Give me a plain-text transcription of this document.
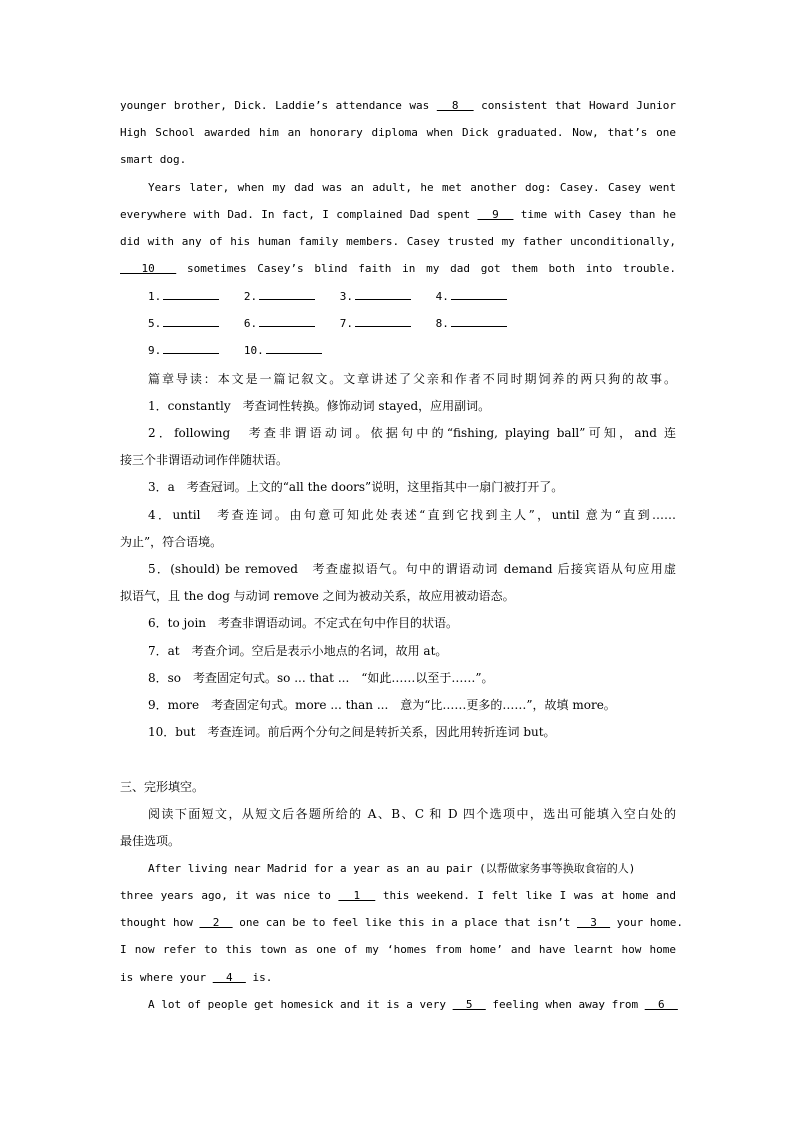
younger brother, Dick. Laddie’s attendance was   8   consistent that Howard Junior
High School awarded him an honorary diploma when Dick graduated. Now, that’s one
smart dog.
Years later, when my dad was an adult, he met another dog: Casey. Casey went
everywhere with Dad. In fact, I complained Dad spent   9   time with Casey than he
did with any of his human family members. Casey trusted my father unconditionally,
10   sometimes Casey’s blind faith in my dad got them both into trouble.
1.	2.	3.	4.
5.	6.	7.	8.
9.	10.
篇章导读：本文是一篇记叙文。文章讲述了父亲和作者不同时期饲养的两只狗的故事。
1．constantly　考查词性转换。修饰动词 stayed，应用副词。
2．following　考查非谓语动词。依据句中的“fishing, playing ball”可知，and 连
接三个非谓语动词作伴随状语。
3．a　考查冠词。上文的“all the doors”说明，这里指其中一扇门被打开了。
4．until　考查连词。由句意可知此处表述“直到它找到主人”，until 意为“直到……
为止”，符合语境。
5．(should) be removed　考查虚拟语气。句中的谓语动词 demand 后接宾语从句应用虚
拟语气，且 the dog 与动词 remove 之间为被动关系，故应用被动语态。
6．to join　考查非谓语动词。不定式在句中作目的状语。
7．at　考查介词。空后是表示小地点的名词，故用 at。
8．so　考查固定句式。so ... that ...　“如此……以至于……”。
9．more　考查固定句式。more ... than ...　意为“比……更多的……”，故填 more。
10．but　考查连词。前后两个分句之间是转折关系，因此用转折连词 but。
三、完形填空。
阅读下面短文，从短文后各题所给的 A、B、C 和 D 四个选项中，选出可能填入空白处的
最佳选项。
After living near Madrid for a year as an au pair (以帮做家务事等换取食宿的人)
three years ago, it was nice to   1   this weekend. I felt like I was at home and
thought how   2   one can be to feel like this in a place that isn’t   3   your home.
I now refer to this town as one of my ‘homes from home’ and have learnt how home
is where your   4   is.
A lot of people get homesick and it is a very   5   feeling when away from   6
